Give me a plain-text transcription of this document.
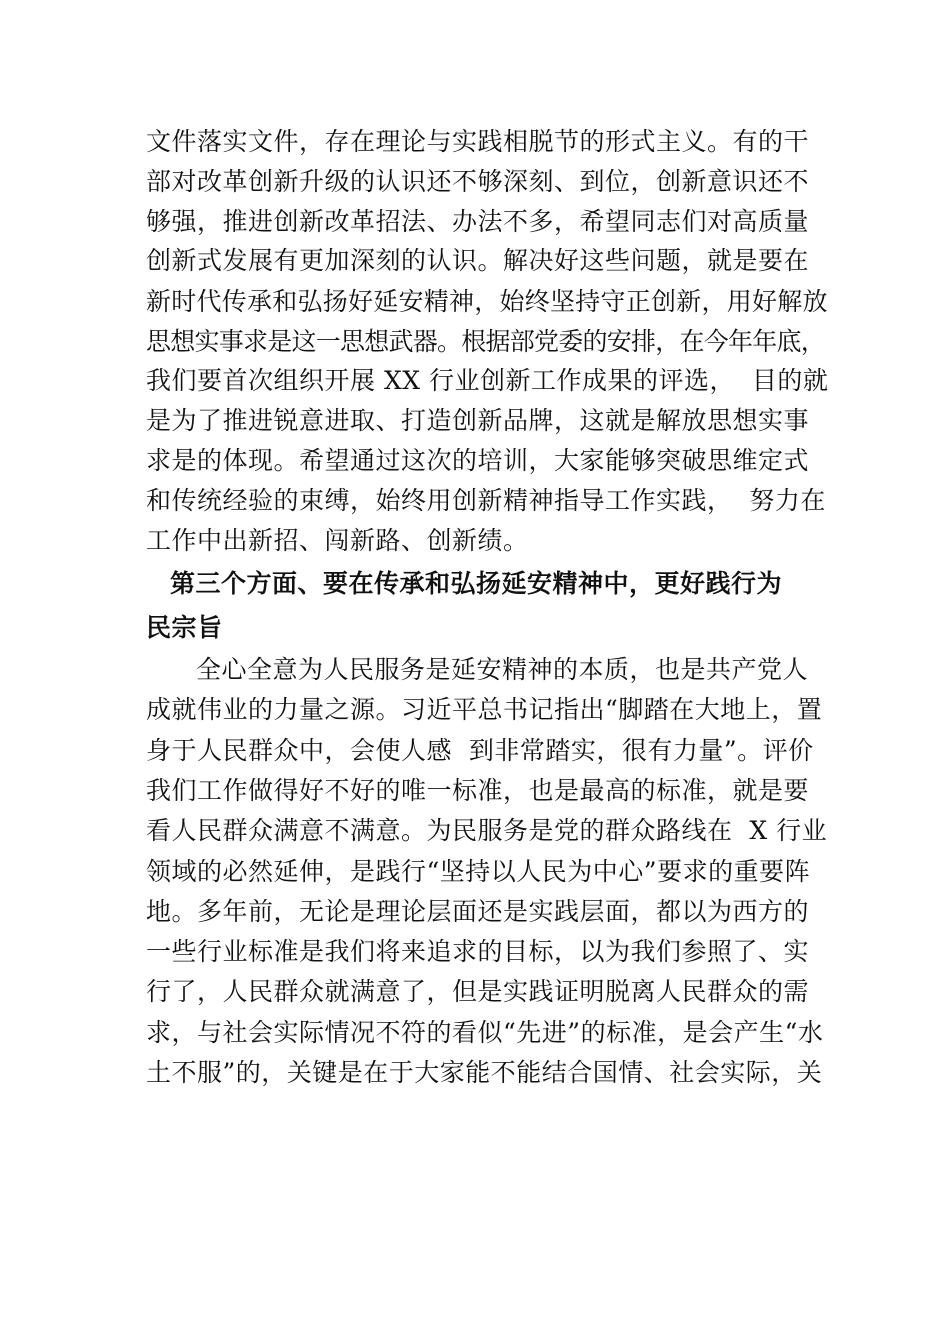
文件落实文件，存在理论与实践相脱节的形式主义。有的干
部对改革创新升级的认识还不够深刻、到位，创新意识还不
够强，推进创新改革招法、办法不多，希望同志们对高质量
创新式发展有更加深刻的认识。解决好这些问题，就是要在
新时代传承和弘扬好延安精神，始终坚持守正创新，用好解放
思想实事求是这一思想武器。根据部党委的安排，在今年年底，
我们要首次组织开展 XX 行业创新工作成果的评选，  目的就
是为了推进锐意进取、打造创新品牌，这就是解放思想实事
求是的体现。希望通过这次的培训，大家能够突破思维定式
和传统经验的束缚，始终用创新精神指导工作实践，  努力在
工作中出新招、闯新路、创新绩。
第三个方面、要在传承和弘扬延安精神中，更好践行为
民宗旨
全心全意为人民服务是延安精神的本质，也是共产党人
成就伟业的力量之源。习近平总书记指出“脚踏在大地上，置
身于人民群众中，会使人感  到非常踏实，很有力量”。评价
我们工作做得好不好的唯一标准，也是最高的标准，就是要
看人民群众满意不满意。为民服务是党的群众路线在  X 行业
领域的必然延伸，是践行“坚持以人民为中心”要求的重要阵
地。多年前，无论是理论层面还是实践层面，都以为西方的
一些行业标准是我们将来追求的目标，以为我们参照了、实
行了，人民群众就满意了，但是实践证明脱离人民群众的需
求，与社会实际情况不符的看似“先进”的标准，是会产生“水
土不服”的，关键是在于大家能不能结合国情、社会实际，关
